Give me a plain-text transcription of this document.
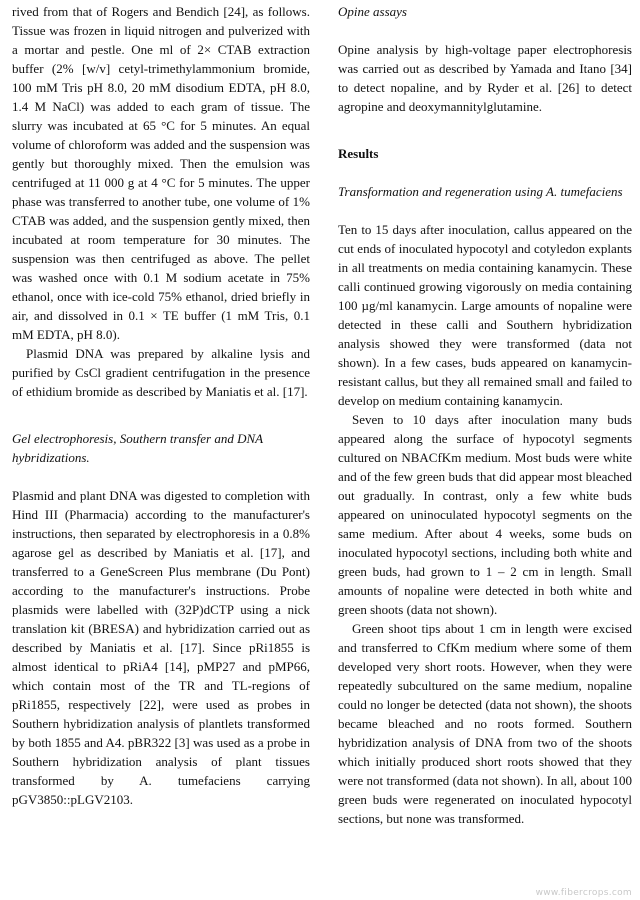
rived from that of Rogers and Bendich [24], as follows. Tissue was frozen in liquid nitrogen and pulverized with a mortar and pestle. One ml of 2× CTAB extraction buffer (2% [w/v] cetyl-trimethylammonium bromide, 100 mM Tris pH 8.0, 20 mM disodium EDTA, pH 8.0, 1.4 M NaCl) was added to each gram of tissue. The slurry was incubated at 65 °C for 5 minutes. An equal volume of chloroform was added and the suspension was gently but thoroughly mixed. Then the emulsion was centrifuged at 11 000 g at 4 °C for 5 minutes. The upper phase was transferred to another tube, one volume of 1% CTAB was added, and the suspension gently mixed, then incubated at room temperature for 30 minutes. The suspension was then centrifuged as above. The pellet was washed once with 0.1 M sodium acetate in 75% ethanol, once with ice-cold 75% ethanol, dried briefly in air, and dissolved in 0.1 × TE buffer (1 mM Tris, 0.1 mM EDTA, pH 8.0).

Plasmid DNA was prepared by alkaline lysis and purified by CsCl gradient centrifugation in the presence of ethidium bromide as described by Maniatis et al. [17].

Gel electrophoresis, Southern transfer and DNA hybridizations.

Plasmid and plant DNA was digested to completion with Hind III (Pharmacia) according to the manufacturer's instructions, then separated by electrophoresis in a 0.8% agarose gel as described by Maniatis et al. [17], and transferred to a GeneScreen Plus membrane (Du Pont) according to the manufacturer's instructions. Probe plasmids were labelled with (32P)dCTP using a nick translation kit (BRESA) and hybridization carried out as described by Maniatis et al. [17]. Since pRi1855 is almost identical to pRiA4 [14], pMP27 and pMP66, which contain most of the TR and TL-regions of pRi1855, respectively [22], were used as probes in Southern hybridization analysis of plantlets transformed by both 1855 and A4. pBR322 [3] was used as a probe in Southern hybridization analysis of plant tissues transformed by A. tumefaciens carrying pGV3850::pLGV2103.

Opine assays

Opine analysis by high-voltage paper electrophoresis was carried out as described by Yamada and Itano [34] to detect nopaline, and by Ryder et al. [26] to detect agropine and deoxymannitylglutamine.

Results

Transformation and regeneration using A. tumefaciens

Ten to 15 days after inoculation, callus appeared on the cut ends of inoculated hypocotyl and cotyledon explants in all treatments on media containing kanamycin. These calli continued growing vigorously on media containing 100 µg/ml kanamycin. Large amounts of nopaline were detected in these calli and Southern hybridization analysis showed they were transformed (data not shown). In a few cases, buds appeared on kanamycin-resistant callus, but they all remained small and failed to develop on medium containing kanamycin.

Seven to 10 days after inoculation many buds appeared along the surface of hypocotyl segments cultured on NBACfKm medium. Most buds were white and of the few green buds that did appear most bleached out gradually. In contrast, only a few white buds appeared on uninoculated hypocotyl segments on the same medium. After about 4 weeks, some buds on inoculated hypocotyl sections, including both white and green buds, had grown to 1 – 2 cm in length. Small amounts of nopaline were detected in both white and green shoots (data not shown).

Green shoot tips about 1 cm in length were excised and transferred to CfKm medium where some of them developed very short roots. However, when they were repeatedly subcultured on the same medium, nopaline could no longer be detected (data not shown), the shoots became bleached and no roots formed. Southern hybridization analysis of DNA from two of the shoots which initially produced short roots showed that they were not transformed (data not shown). In all, about 100 green buds were regenerated on inoculated hypocotyl sections, but none was transformed.

www.fibercrops.com
